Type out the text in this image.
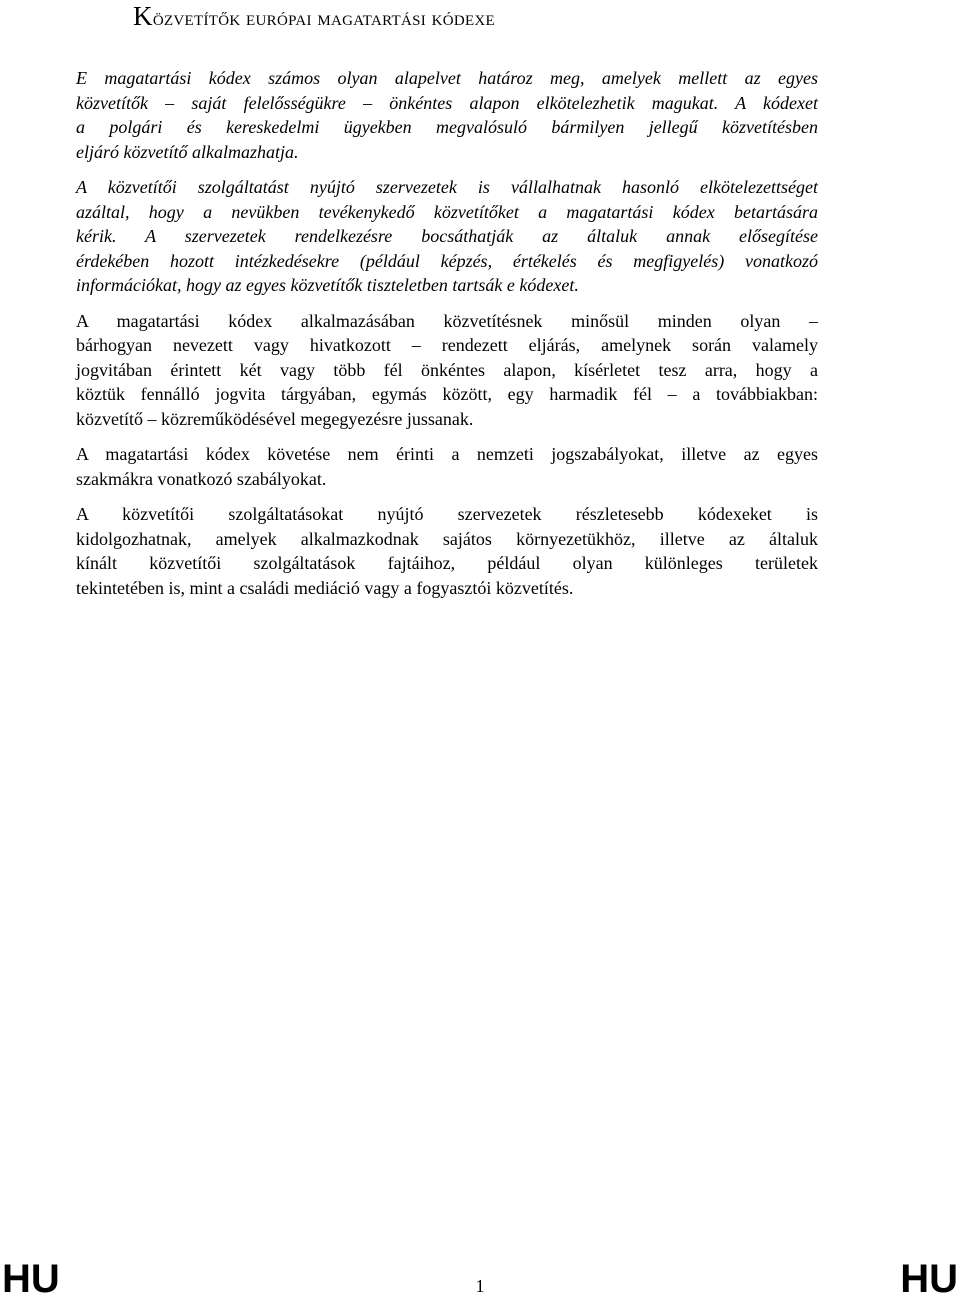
Közvetítők európai magatartási kódexe

E magatartási kódex számos olyan alapelvet határoz meg, amelyek mellett az egyes
közvetítők – saját felelősségükre – önkéntes alapon elkötelezhetik magukat. A kódexet
a polgári és kereskedelmi ügyekben megvalósuló bármilyen jellegű közvetítésben
eljáró közvetítő alkalmazhatja.

A közvetítői szolgáltatást nyújtó szervezetek is vállalhatnak hasonló elkötelezettséget
azáltal, hogy a nevükben tevékenykedő közvetítőket a magatartási kódex betartására
kérik. A szervezetek rendelkezésre bocsáthatják az általuk annak elősegítése
érdekében hozott intézkedésekre (például képzés, értékelés és megfigyelés) vonatkozó
információkat, hogy az egyes közvetítők tiszteletben tartsák e kódexet.

A magatartási kódex alkalmazásában közvetítésnek minősül minden olyan –
bárhogyan nevezett vagy hivatkozott – rendezett eljárás, amelynek során valamely
jogvitában érintett két vagy több fél önkéntes alapon, kísérletet tesz arra, hogy a
köztük fennálló jogvita tárgyában, egymás között, egy harmadik fél – a továbbiakban:
közvetítő – közreműködésével megegyezésre jussanak.

A magatartási kódex követése nem érinti a nemzeti jogszabályokat, illetve az egyes
szakmákra vonatkozó szabályokat.

A közvetítői szolgáltatásokat nyújtó szervezetek részletesebb kódexeket is
kidolgozhatnak, amelyek alkalmazkodnak sajátos környezetükhöz, illetve az általuk
kínált közvetítői szolgáltatások fajtáihoz, például olyan különleges területek
tekintetében is, mint a családi mediáció vagy a fogyasztói közvetítés.

HU	1	HU
